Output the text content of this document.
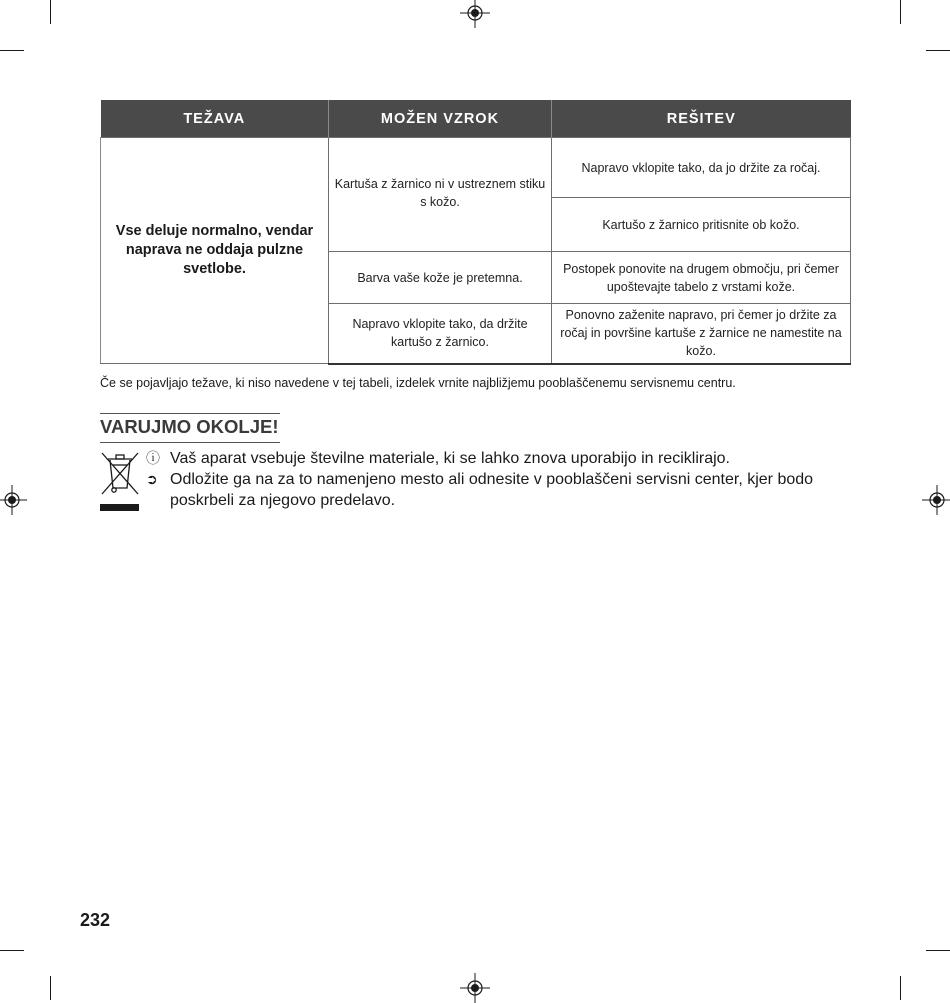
TEŽAVA	MOŽEN VZROK	REŠITEV
Vse deluje normalno, vendar naprava ne oddaja pulzne svetlobe.	Kartuša z žarnico ni v ustreznem stiku s kožo.	Napravo vklopite tako, da jo držite za ročaj.
		Kartušo z žarnico pritisnite ob kožo.
	Barva vaše kože je pretemna.	Postopek ponovite na drugem območju, pri čemer upoštevajte tabelo z vrstami kože.
	Napravo vklopite tako, da držite kartušo z žarnico.	Ponovno zaženite napravo, pri čemer jo držite za ročaj in površine kartuše z žarnice ne namestite na kožo.
Če se pojavljajo težave, ki niso navedene v tej tabeli, izdelek vrnite najbližjemu pooblaščenemu servisnemu centru.
VARUJMO OKOLJE!
ⓘ Vaš aparat vsebuje številne materiale, ki se lahko znova uporabijo in reciklirajo.
➲ Odložite ga na za to namenjeno mesto ali odnesite v pooblaščeni servisni center, kjer bodo poskrbeli za njegovo predelavo.
232
